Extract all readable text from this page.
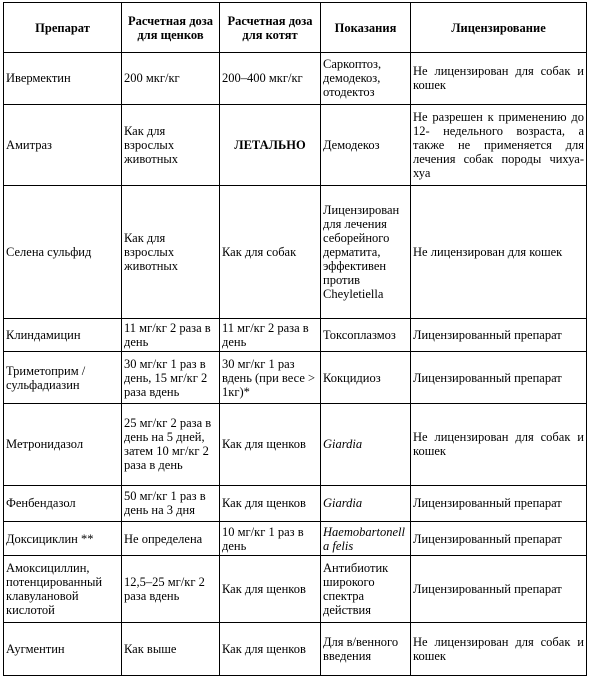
Препарат	Расчетная доза для щенков	Расчетная доза для котят	Показания	Лицензирование
Ивермектин	200 мкг/кг	200–400 мкг/кг	Саркоптоз, демодекоз, отодектоз	Не лицензирован для собак и кошек
Амитраз	Как для взрослых животных	ЛЕТАЛЬНО	Демодекоз	Не разрешен к применению до 12- недельного возраста, а также не применяется для лечения собак породы чихуа-хуа
Селена сульфид	Как для взрослых животных	Как для собак	Лицензирован для лечения себорейного дерматита, эффективен против Cheyletiella	Не лицензирован для кошек
Клиндамицин	11 мг/кг 2 раза в день	11 мг/кг 2 раза в день	Токсоплазмоз	Лицензированный препарат
Триметоприм / сульфадиазин	30 мг/кг 1 раз в день, 15 мг/кг 2 раза вдень	30 мг/кг 1 раз вдень (при весе > 1кг)*	Кокцидиоз	Лицензированный препарат
Метронидазол	25 мг/кг 2 раза в день на 5 дней, затем 10 мг/кг 2 раза в день	Как для щенков	Giardia	Не лицензирован для собак и кошек
Фенбендазол	50 мг/кг 1 раз в день на 3 дня	Как для щенков	Giardia	Лицензированный препарат
Доксициклин **	Не определена	10 мг/кг 1 раз в день	Haemobartonella felis	Лицензированный препарат
Амоксициллин, потенцированный клавулановой кислотой	12,5–25 мг/кг 2 раза вдень	Как для щенков	Антибиотик широкого спектра действия	Лицензированный препарат
Аугментин	Как выше	Как для щенков	Для в/венного введения	Не лицензирован для собак и кошек
